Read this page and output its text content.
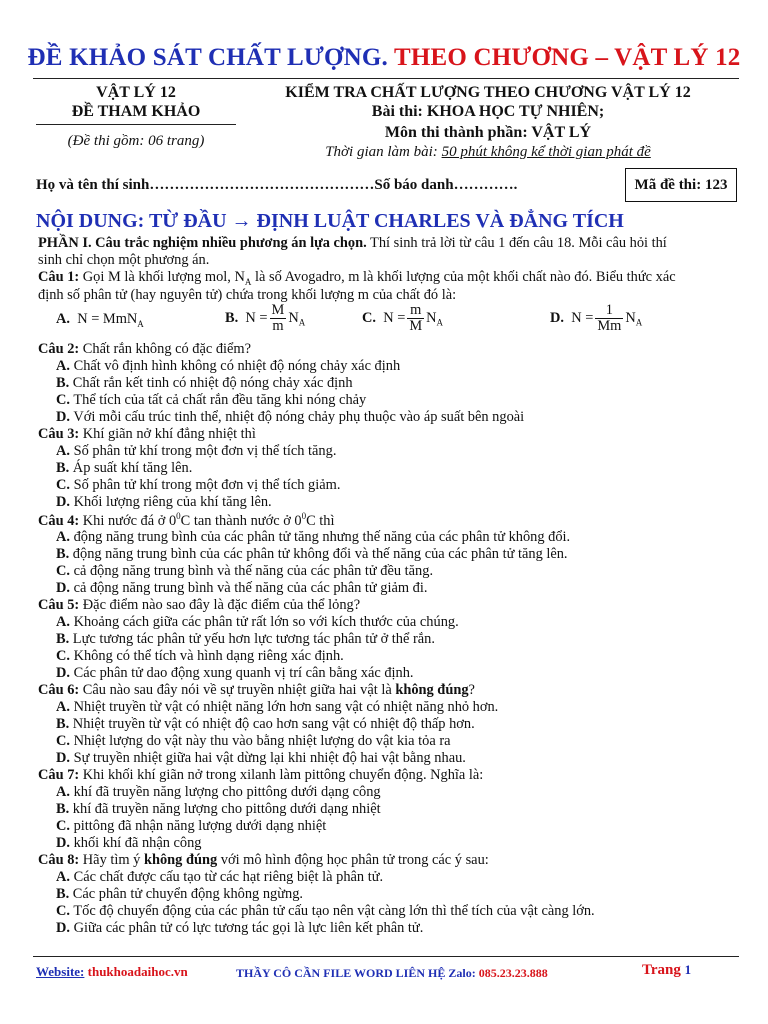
ĐỀ KHẢO SÁT CHẤT LƯỢNG. THEO CHƯƠNG – VẬT LÝ 12
VẬT LÝ 12
ĐỀ THAM KHẢO
(Đề thi gồm: 06 trang)
KIỂM TRA CHẤT LƯỢNG THEO CHƯƠNG VẬT LÝ 12
Bài thi: KHOA HỌC TỰ NHIÊN;
Môn thi thành phần: VẬT LÝ
Thời gian làm bài: 50 phút không kể thời gian phát đề
Họ và tên thí sinh………………………………………Số báo danh………….	Mã đề thi: 123
NỘI DUNG: TỪ ĐẦU → ĐỊNH LUẬT CHARLES VÀ ĐẲNG TÍCH
PHẦN I. Câu trắc nghiệm nhiều phương án lựa chọn. Thí sinh trả lời từ câu 1 đến câu 18. Mỗi câu hỏi thí
sinh chỉ chọn một phương án.
Câu 1: Gọi M là khối lượng mol, $N_A$ là số Avogadro, m là khối lượng của một khối chất nào đó. Biểu thức xác
định số phân tử (hay nguyên tử) chứa trong khối lượng m của chất đó là:
A. N = MmN$_A$	B. $N = \frac{M}{m} N_A$	C. $N = \frac{m}{M} N_A$	D. $N = \frac{1}{Mm} N_A$
Câu 2: Chất rắn không có đặc điểm?
A. Chất vô định hình không có nhiệt độ nóng chảy xác định
B. Chất rắn kết tinh có nhiệt độ nóng chảy xác định
C. Thể tích của tất cả chất rắn đều tăng khi nóng chảy
D. Với mỗi cấu trúc tinh thể, nhiệt độ nóng chảy phụ thuộc vào áp suất bên ngoài
Câu 3: Khí giãn nở khí đẳng nhiệt thì
A. Số phân tử khí trong một đơn vị thể tích tăng.
B. Áp suất khí tăng lên.
C. Số phân tử khí trong một đơn vị thể tích giảm.
D. Khối lượng riêng của khí tăng lên.
Câu 4: Khi nước đá ở $0^0C$ tan thành nước ở $0^0C$ thì
A. động năng trung bình của các phân tử tăng nhưng thế năng của các phân tử không đổi.
B. động năng trung bình của các phân tử không đổi và thế năng của các phân tử tăng lên.
C. cả động năng trung bình và thế năng của các phân tử đều tăng.
D. cả động năng trung bình và thế năng của các phân tử giảm đi.
Câu 5: Đặc điểm nào sao đây là đặc điểm của thể lỏng?
A. Khoảng cách giữa các phân tử rất lớn so với kích thước của chúng.
B. Lực tương tác phân tử yếu hơn lực tương tác phân tử ở thể rắn.
C. Không có thể tích và hình dạng riêng xác định.
D. Các phân tử dao động xung quanh vị trí cân bằng xác định.
Câu 6: Câu nào sau đây nói về sự truyền nhiệt giữa hai vật là không đúng?
A. Nhiệt truyền từ vật có nhiệt năng lớn hơn sang vật có nhiệt năng nhỏ hơn.
B. Nhiệt truyền từ vật có nhiệt độ cao hơn sang vật có nhiệt độ thấp hơn.
C. Nhiệt lượng do vật này thu vào bằng nhiệt lượng do vật kia tỏa ra
D. Sự truyền nhiệt giữa hai vật dừng lại khi nhiệt độ hai vật bằng nhau.
Câu 7: Khi khối khí giãn nở trong xilanh làm pittông chuyển động. Nghĩa là:
A. khí đã truyền năng lượng cho pittông dưới dạng công
B. khí đã truyền năng lượng cho pittông dưới dạng nhiệt
C. pittông đã nhận năng lượng dưới dạng nhiệt
D. khối khí đã nhận công
Câu 8: Hãy tìm ý không đúng với mô hình động học phân tử trong các ý sau:
A. Các chất được cấu tạo từ các hạt riêng biệt là phân tử.
B. Các phân tử chuyển động không ngừng.
C. Tốc độ chuyển động của các phân tử cấu tạo nên vật càng lớn thì thể tích của vật càng lớn.
D. Giữa các phân tử có lực tương tác gọi là lực liên kết phân tử.
Website: thukhoadaihoc.vn	THẦY CÔ CẦN FILE WORD LIÊN HỆ Zalo: 085.23.23.888	Trang 1
